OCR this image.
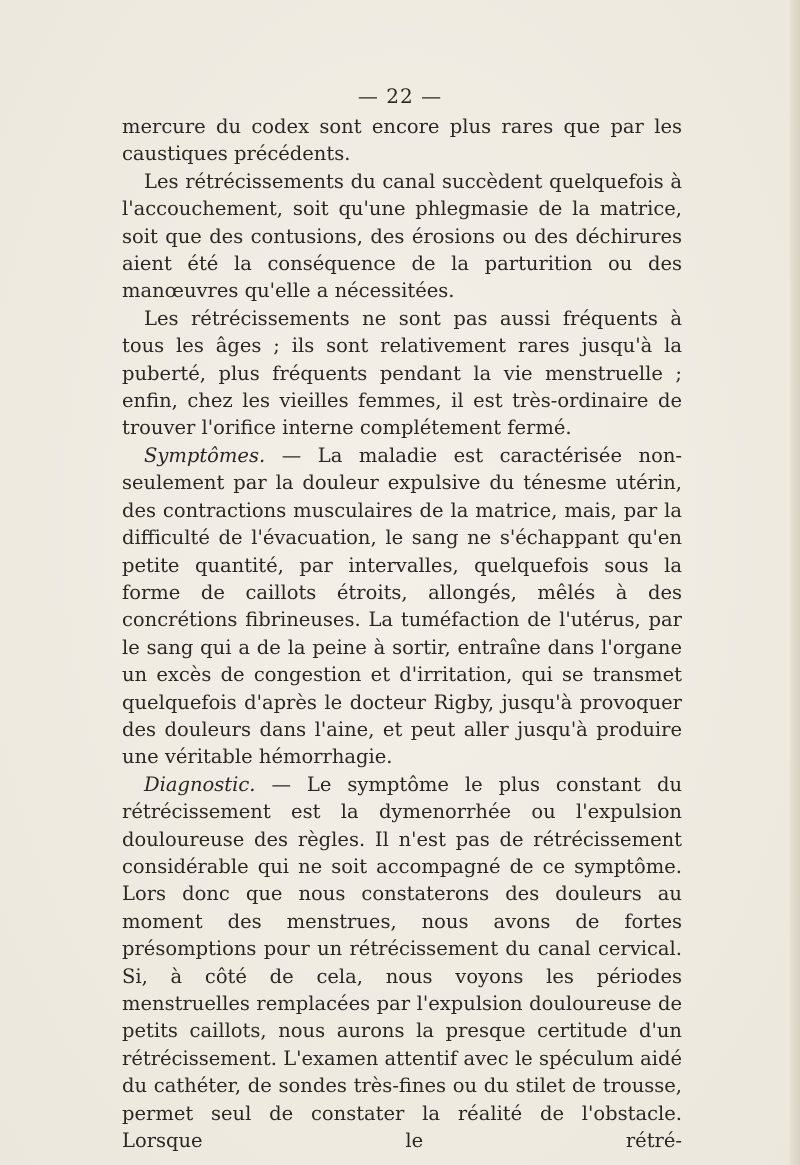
— 22 —

mercure du codex sont encore plus rares que par les caustiques précédents.

Les rétrécissements du canal succèdent quelquefois à l'accouchement, soit qu'une phlegmasie de la matrice, soit que des contusions, des érosions ou des déchirures aient été la conséquence de la parturition ou des manœuvres qu'elle a nécessitées.

Les rétrécissements ne sont pas aussi fréquents à tous les âges ; ils sont relativement rares jusqu'à la puberté, plus fréquents pendant la vie menstruelle ; enfin, chez les vieilles femmes, il est très-ordinaire de trouver l'orifice interne complétement fermé.

Symptômes. — La maladie est caractérisée non-seulement par la douleur expulsive du ténesme utérin, des contractions musculaires de la matrice, mais, par la difficulté de l'évacuation, le sang ne s'échappant qu'en petite quantité, par intervalles, quelquefois sous la forme de caillots étroits, allongés, mêlés à des concrétions fibrineuses. La tuméfaction de l'utérus, par le sang qui a de la peine à sortir, entraîne dans l'organe un excès de congestion et d'irritation, qui se transmet quelquefois d'après le docteur Rigby, jusqu'à provoquer des douleurs dans l'aine, et peut aller jusqu'à produire une véritable hémorrhagie.

Diagnostic. — Le symptôme le plus constant du rétrécissement est la dymenorrhée ou l'expulsion douloureuse des règles. Il n'est pas de rétrécissement considérable qui ne soit accompagné de ce symptôme. Lors donc que nous constaterons des douleurs au moment des menstrues, nous avons de fortes présomptions pour un rétrécissement du canal cervical. Si, à côté de cela, nous voyons les périodes menstruelles remplacées par l'expulsion douloureuse de petits caillots, nous aurons la presque certitude d'un rétrécissement. L'examen attentif avec le spéculum aidé du cathéter, de sondes très-fines ou du stilet de trousse, permet seul de constater la réalité de l'obstacle. Lorsque le rétré-
